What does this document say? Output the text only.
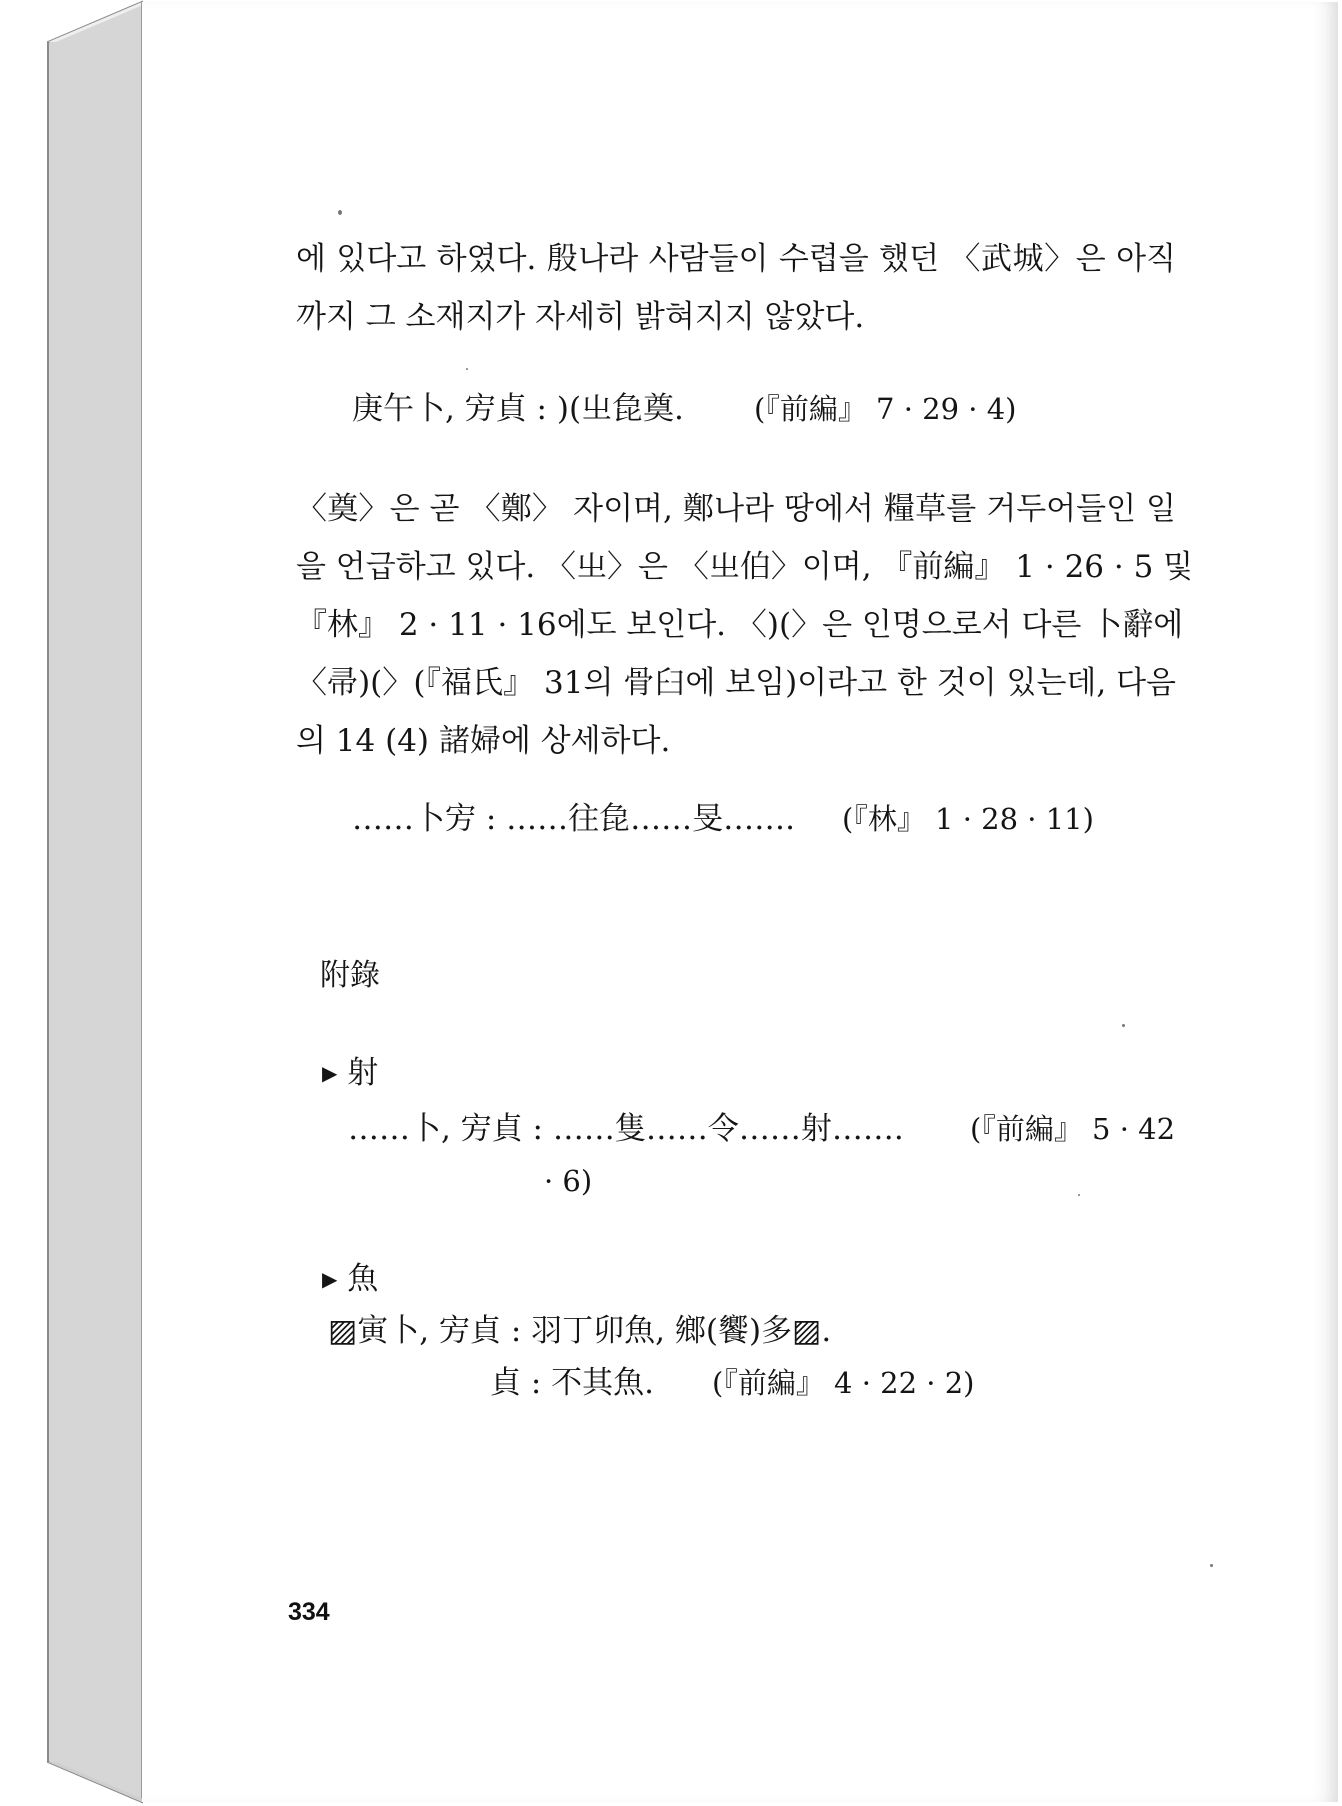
에 있다고 하였다. 殷나라 사람들이 수렵을 했던 〈武城〉은 아직
까지 그 소재지가 자세히 밝혀지지 않았다.
庚午卜, 㝑貞 : )(㞢㲋奠. (『前編』 7 · 29 · 4)
〈奠〉은 곧 〈鄭〉 자이며, 鄭나라 땅에서 糧草를 거두어들인 일
을 언급하고 있다. 〈㞢〉은 〈㞢伯〉이며, 『前編』 1 · 26 · 5 및
『林』 2 · 11 · 16에도 보인다. 〈)(〉은 인명으로서 다른 卜辭에
〈帚)(〉(『福氏』 31의 骨臼에 보임)이라고 한 것이 있는데, 다음
의 14 (4) 諸婦에 상세하다.
……卜㝑 : ……往㲋……旻……. (『林』 1 · 28 · 11)
附錄
▶ 射
……卜, 㝑貞 : ……隻……令……射……. (『前編』 5 · 42
· 6)
▶ 魚
▨寅卜, 㝑貞 : 羽丁卯魚, 鄉(饗)多▨.
貞 : 不其魚. (『前編』 4 · 22 · 2)
334
